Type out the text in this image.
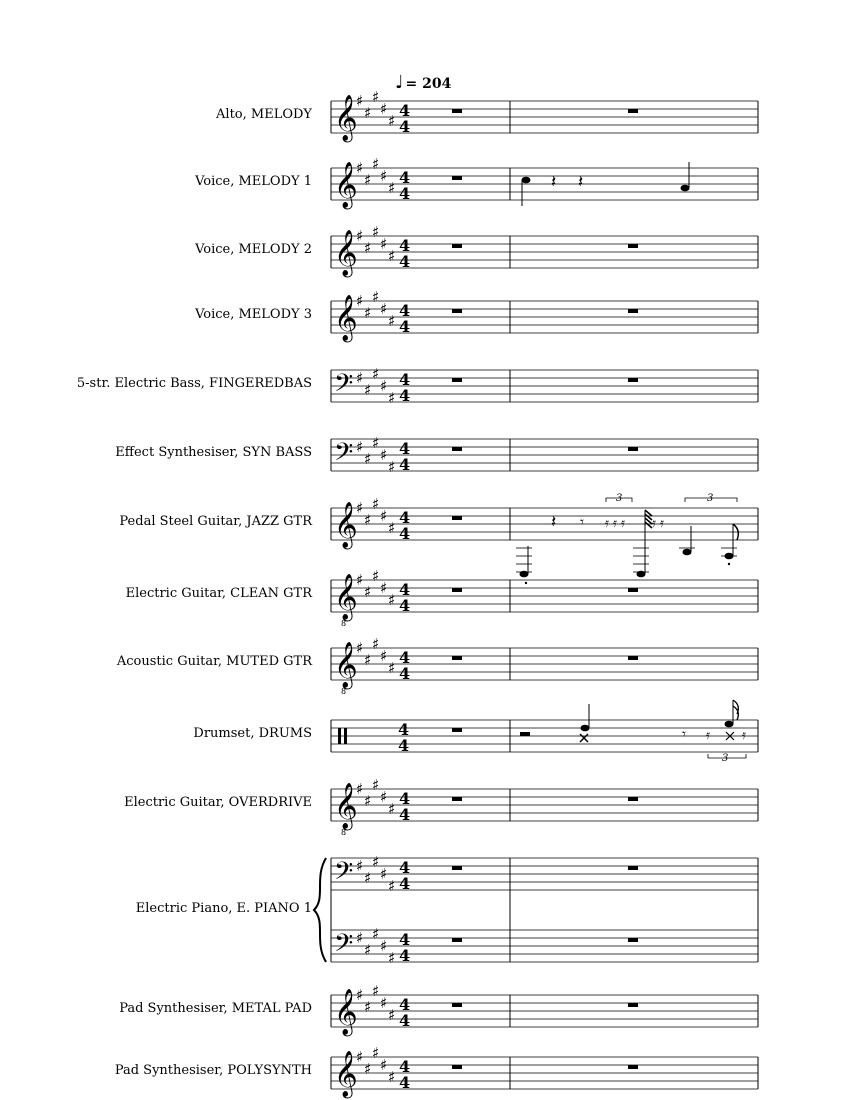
𝄞
♯
♯
♯
♯
♯
4
4
𝄞
♯
♯
♯
♯
♯
4
4
𝄞
♯
♯
♯
♯
♯
4
4
𝄞
♯
♯
♯
♯
♯
4
4
𝄢 ♯
♯
♯
♯
♯
4
4
𝄢 ♯
♯
♯
♯
♯
4
4
𝄞
♯
♯
♯
♯
♯
4
4
𝄞
8
♯
♯
♯
♯
♯
4
4
𝄞
8
♯
♯
♯
♯
♯
4
4
4
4
𝄞
8
♯
♯
♯
♯
♯
4
4
𝄢 ♯
♯
♯
♯
♯
4
4
𝄢 ♯
♯
♯
♯
♯
4
4
𝄞
♯
♯
♯
♯
♯
4
4
𝄞
♯
♯
♯
♯
♯
4
4
𝄽 𝄽
𝄽 𝄾 𝄿 𝄿 𝄿
3
𝄿 𝄿
3
𝄾 𝄿 𝄿
3
Alto, MELODY
Voice, MELODY 1
Voice, MELODY 2
Voice, MELODY 3
5-str. Electric Bass, FINGEREDBAS
Effect Synthesiser, SYN BASS
Pedal Steel Guitar, JAZZ GTR
Electric Guitar, CLEAN GTR
Acoustic Guitar, MUTED GTR
Drumset, DRUMS
Electric Guitar, OVERDRIVE
Electric Piano, E. PIANO 1
Pad Synthesiser, METAL PAD
Pad Synthesiser, POLYSYNTH
♩ = 204
